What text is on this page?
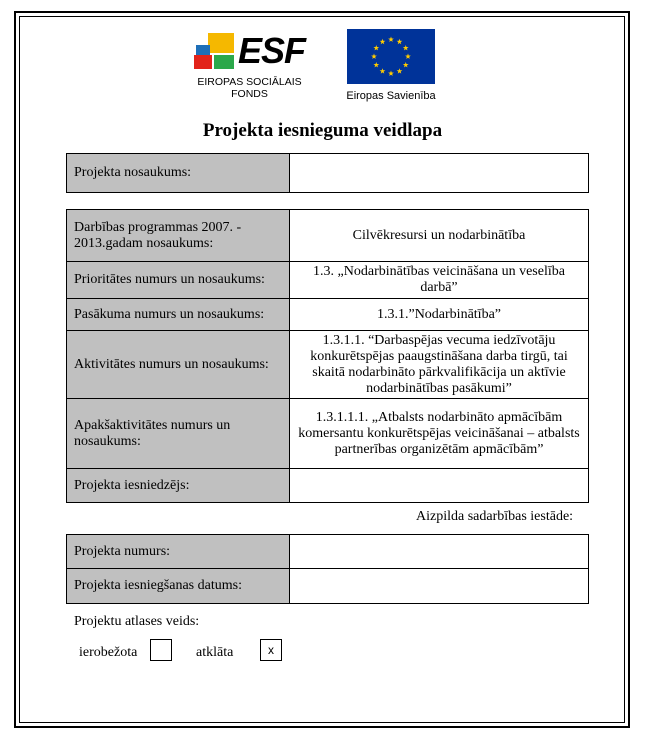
ESF
EIROPAS SOCIĀLAIS
FONDS	Eiropas Savienība
Projekta iesnieguma veidlapa
Projekta nosaukums:	
Darbības programmas 2007. - 2013.gadam nosaukums:	Cilvēkresursi un nodarbinātība
Prioritātes numurs un nosaukums:	1.3. „Nodarbinātības veicināšana un veselība darbā”
Pasākuma numurs un nosaukums:	1.3.1.”Nodarbinātība”
Aktivitātes numurs un nosaukums:	1.3.1.1. “Darbaspējas vecuma iedzīvotāju konkurētspējas paaugstināšana darba tirgū, tai skaitā nodarbināto pārkvalifikācija un aktīvie nodarbinātības pasākumi”
Apakšaktivitātes numurs un nosaukums:	1.3.1.1.1. „Atbalsts nodarbināto apmācībām komersantu konkurētspējas veicināšanai – atbalsts partnerības organizētām apmācībām”
Projekta iesniedzējs:	
Aizpilda sadarbības iestāde:
Projekta numurs:	
Projekta iesniegšanas datums:	
Projektu atlases veids:
ierobežota	atklāta	x
